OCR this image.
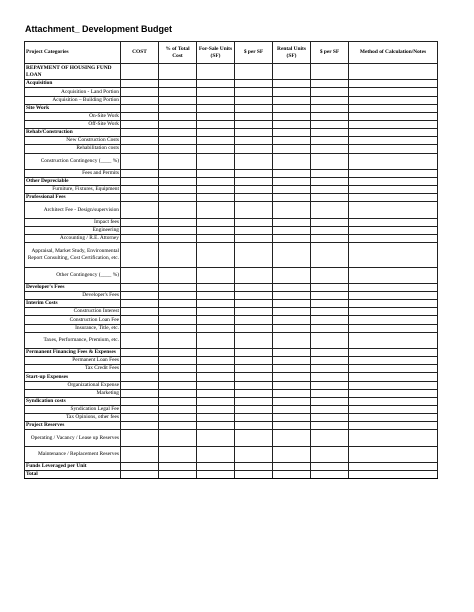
Attachment_ Development Budget
Project Categories	COST	% of Total Cost	For-Sale Units (SF)	$ per SF	Rental Units (SF)	$ per SF	Method of Calculation/Notes
REPAYMENT OF HOUSING FUND LOAN							
Acquisition							
Acquisition - Land Portion							
Acquisition – Building Portion							
Site Work							
On-Site Work							
Off-Site Work							
Rehab/Construction							
New Construction Costs							
Rehabilitation costs							
Construction Contingency (____ %)							
Fees and Permits							
Other Depreciable							
Furniture, Fixtures, Equipment							
Professional Fees							
Architect Fee - Design/supervision							
Impact fees							
Engineering							
Accounting / R.E. Attorney							
Appraisal, Market Study, Environmental Report Consulting, Cost Certification, etc.							
Other Contingency (____ %)							
Developer's Fees							
Developer's Fees							
Interim Costs							
Construction Interest							
Construction Loan Fee							
Insurance, Title, etc.							
Taxes, Performance, Premium, etc.							
Permanent Financing Fees & Expenses							
Permanent Loan Fees							
Tax Credit Fees							
Start-up Expenses							
Organizational Expense							
Marketing							
Syndication costs							
Syndication Legal Fee							
Tax Opinions, other fees							
Project Reserves							
Operating / Vacancy / Lease up Reserves							
Maintenance / Replacement Reserves							
Funds Leveraged per Unit							
Total							
